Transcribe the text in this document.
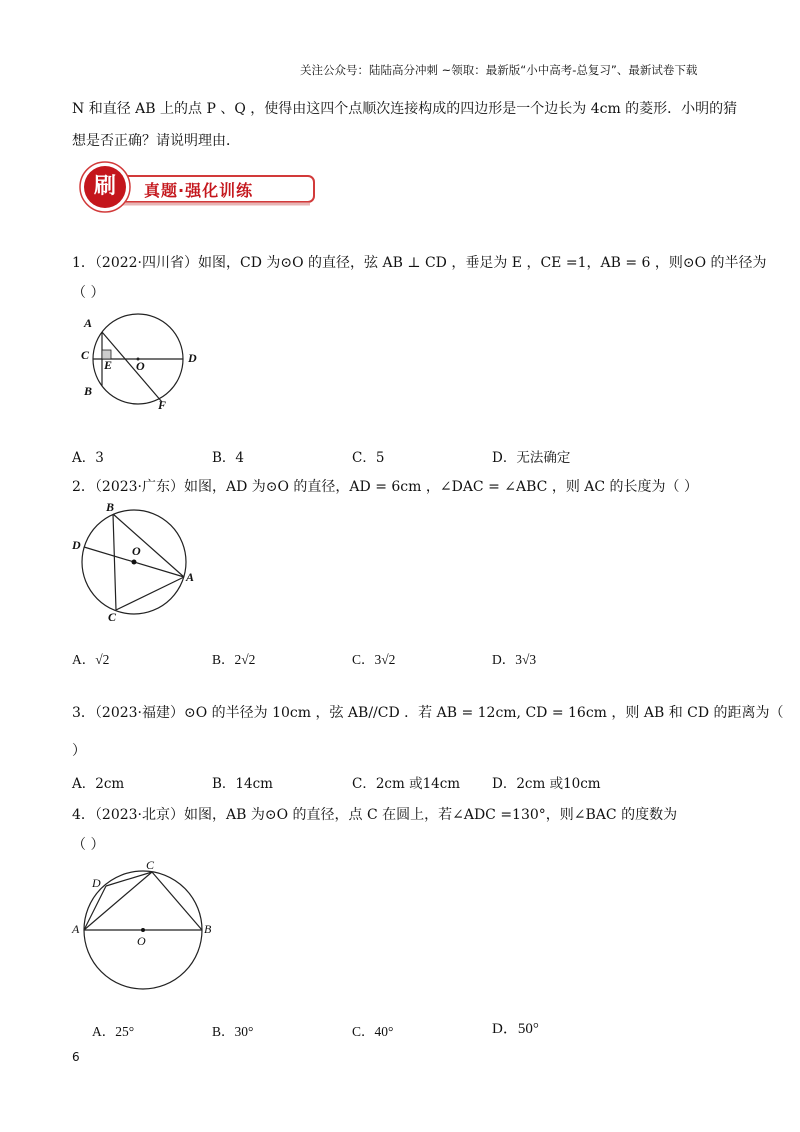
关注公众号：陆陆高分冲刺 ~领取：最新版“小中高考-总复习”、最新试卷下载
N 和直径 AB 上的点 P 、Q ，使得由这四个点顺次连接构成的四边形是一个边长为 4cm 的菱形．小明的猜
想是否正确？请说明理由．
刷 真题·强化训练
1．（2022·四川省）如图，CD 为⊙O 的直径，弦 AB ⊥ CD ，垂足为 E ，CE =1，AB = 6 ，则⊙O 的半径为
（ ）
A
C
E O
D
B
F
A．3	B．4	C．5	D．无法确定
2．（2023·广东）如图，AD 为⊙O 的直径，AD = 6cm ，∠DAC = ∠ABC ，则 AC 的长度为（ ）
B
D	O
A
C
A．√2	B．2√2	C．3√2	D．3√3
3．（2023·福建）⊙O 的半径为 10cm ，弦 AB//CD ．若 AB = 12cm, CD = 16cm ，则 AB 和 CD 的距离为（
）
A．2cm	B．14cm	C．2cm 或14cm D．2cm 或10cm
4．（2023·北京）如图，AB 为⊙O 的直径，点 C 在圆上，若∠ADC =130°，则∠BAC 的度数为
（ ）
C
D
A
O
B
A．25°	B．30°	C．40°	D．50°
6
